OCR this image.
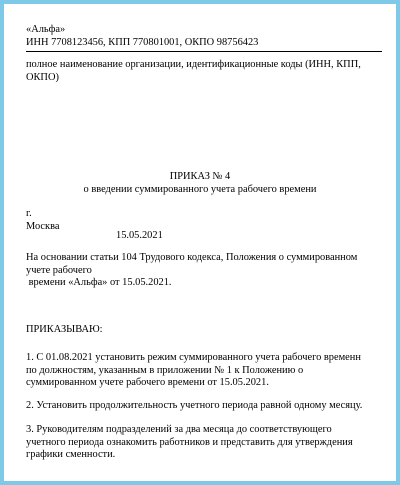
«Альфа»
ИНН 7708123456, КПП 770801001, ОКПО 98756423
полное наименование организации, идентификационные коды (ИНН, КПП,
ОКПО)
ПРИКАЗ № 4
о введении суммированного учета рабочего времени
г.
Москва
15.05.2021
На основании статьи 104 Трудового кодекса, Положения о суммированном
учете рабочего
времени «Альфа» от 15.05.2021.
ПРИКАЗЫВАЮ:
1. С 01.08.2021 установить режим суммированного учета рабочего временн
по должностям, указанным в приложении № 1 к Положению о
суммированном учете рабочего времени от 15.05.2021.
2. Установить продолжительность учетного периода равной одному месяцу.
3. Руководителям подразделений за два месяца до соответствующего
учетного периода ознакомить работников и представить для утверждения
графики сменности.
